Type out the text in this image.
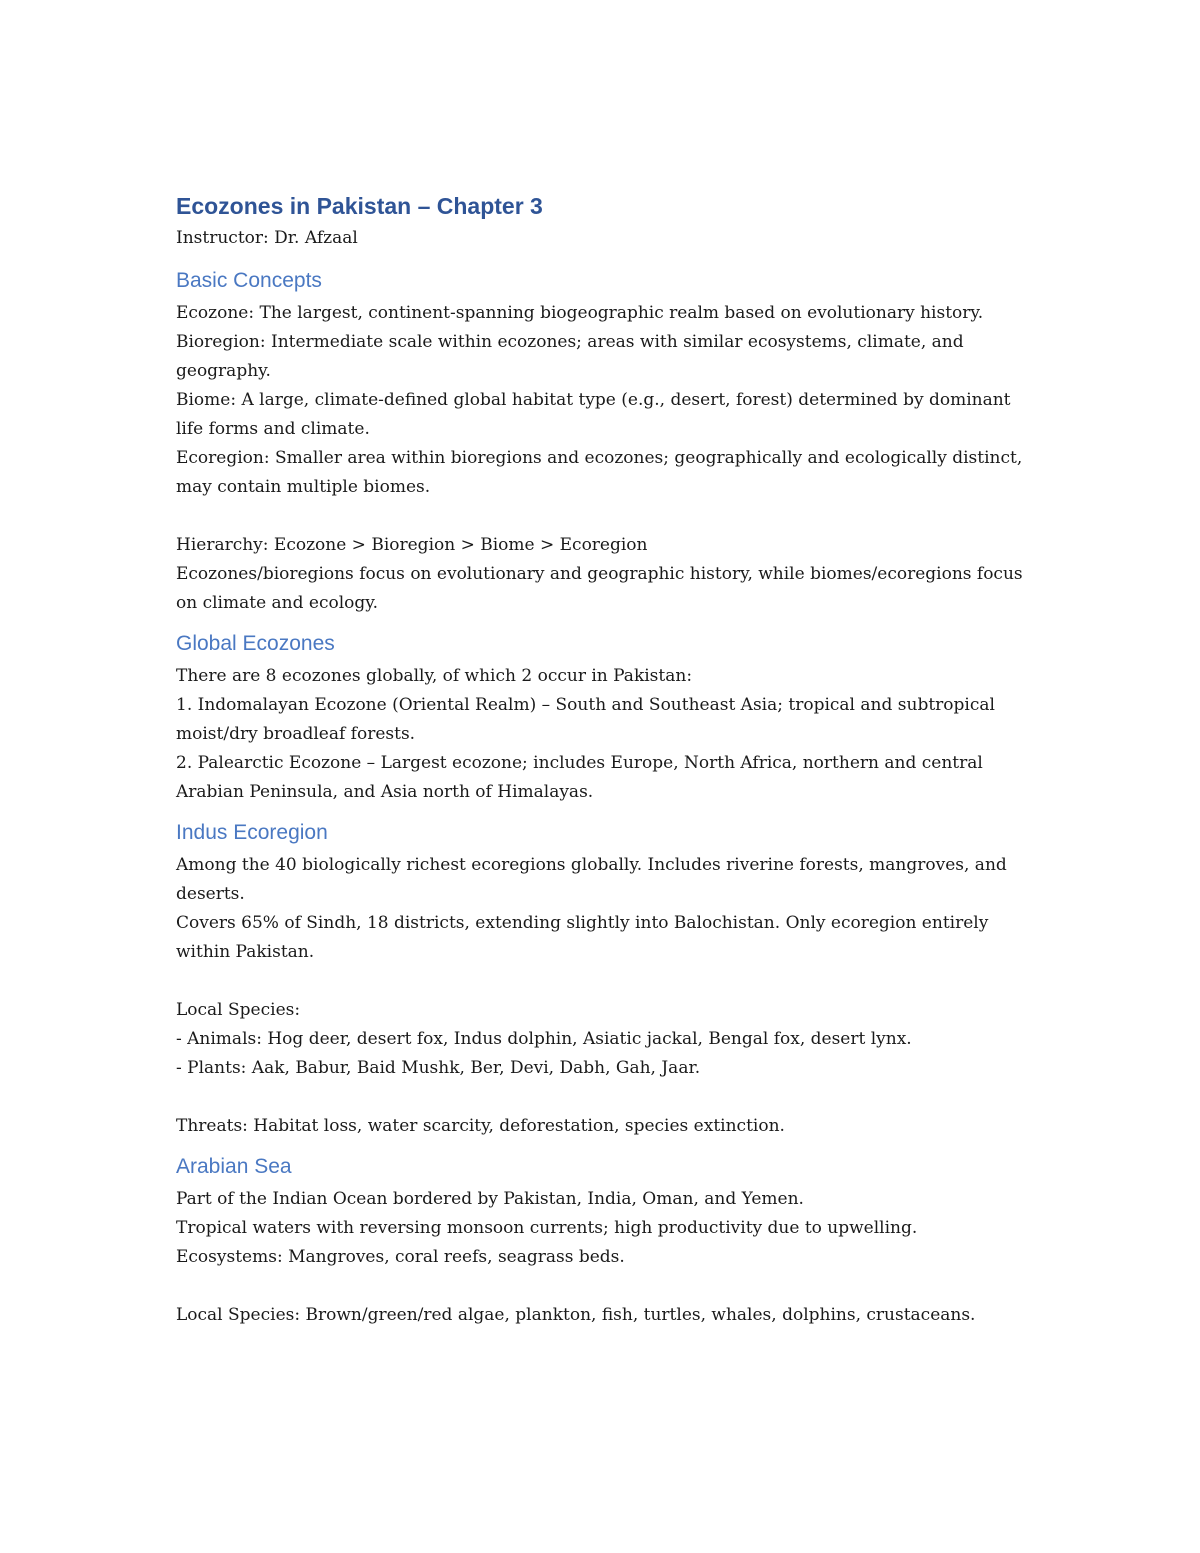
Ecozones in Pakistan – Chapter 3

Instructor: Dr. Afzaal

Basic Concepts

Ecozone: The largest, continent-spanning biogeographic realm based on evolutionary history.

Bioregion: Intermediate scale within ecozones; areas with similar ecosystems, climate, and geography.

Biome: A large, climate-defined global habitat type (e.g., desert, forest) determined by dominant life forms and climate.

Ecoregion: Smaller area within bioregions and ecozones; geographically and ecologically distinct, may contain multiple biomes.

Hierarchy: Ecozone > Bioregion > Biome > Ecoregion

Ecozones/bioregions focus on evolutionary and geographic history, while biomes/ecoregions focus on climate and ecology.

Global Ecozones

There are 8 ecozones globally, of which 2 occur in Pakistan:

1. Indomalayan Ecozone (Oriental Realm) – South and Southeast Asia; tropical and subtropical moist/dry broadleaf forests.

2. Palearctic Ecozone – Largest ecozone; includes Europe, North Africa, northern and central Arabian Peninsula, and Asia north of Himalayas.

Indus Ecoregion

Among the 40 biologically richest ecoregions globally. Includes riverine forests, mangroves, and deserts.

Covers 65% of Sindh, 18 districts, extending slightly into Balochistan. Only ecoregion entirely within Pakistan.

Local Species:

- Animals: Hog deer, desert fox, Indus dolphin, Asiatic jackal, Bengal fox, desert lynx.

- Plants: Aak, Babur, Baid Mushk, Ber, Devi, Dabh, Gah, Jaar.

Threats: Habitat loss, water scarcity, deforestation, species extinction.

Arabian Sea

Part of the Indian Ocean bordered by Pakistan, India, Oman, and Yemen.

Tropical waters with reversing monsoon currents; high productivity due to upwelling.

Ecosystems: Mangroves, coral reefs, seagrass beds.

Local Species: Brown/green/red algae, plankton, fish, turtles, whales, dolphins, crustaceans.
